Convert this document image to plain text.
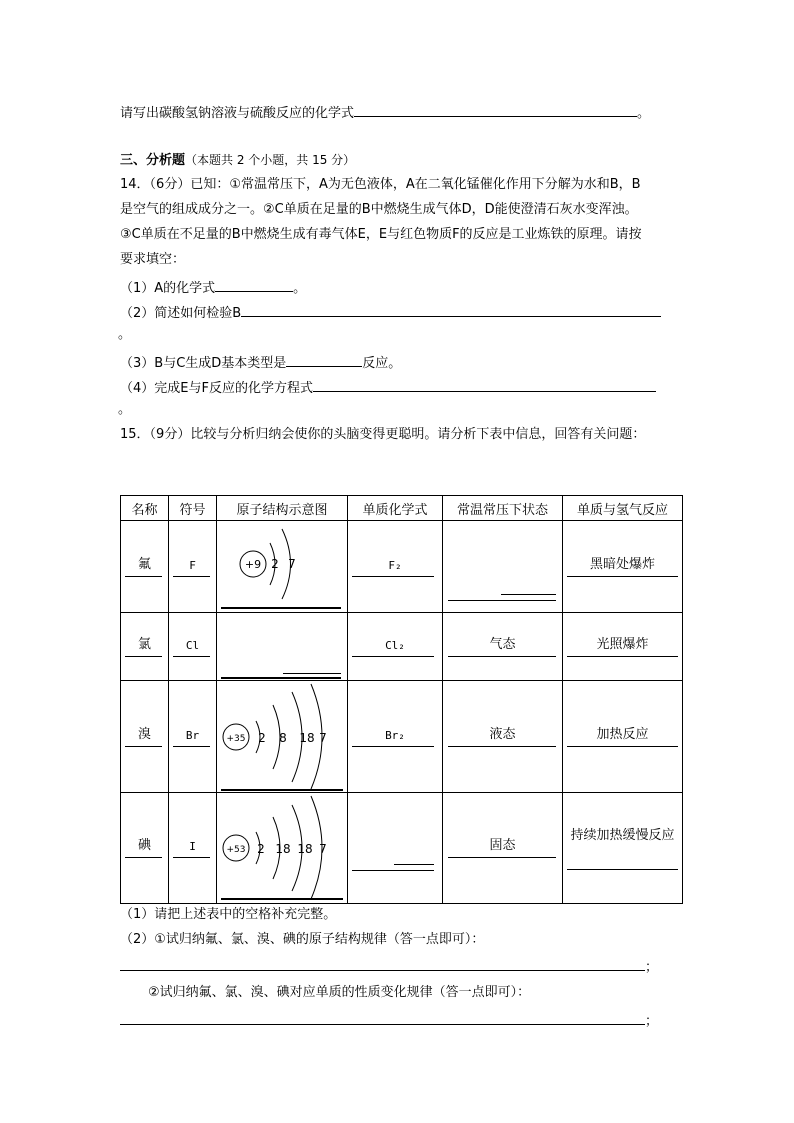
请写出碳酸氢钠溶液与硫酸反应的化学式	。
三、分析题（本题共 2 个小题，共 15 分）
14．（6分）已知：①常温常压下，A为无色液体，A在二氧化锰催化作用下分解为水和B，B
是空气的组成成分之一。②C单质在足量的B中燃烧生成气体D，D能使澄清石灰水变浑浊。
③C单质在不足量的B中燃烧生成有毒气体E，E与红色物质F的反应是工业炼铁的原理。请按
要求填空：
（1）A的化学式	。
（2）简述如何检验B
。
（3）B与C生成D基本类型是	反应。
（4）完成E与F反应的化学方程式
。
15．（9分）比较与分析归纳会使你的头脑变得更聪明。请分析下表中信息，回答有关问题：
名称	符号	原子结构示意图	单质化学式	常温常压下状态	单质与氢气反应

氟	F	+9 2 7	F₂		黑暗处爆炸

氯	Cl		Cl₂	气态	光照爆炸

溴	Br	+35 2 8 18 7	Br₂	液态	加热反应

碘	I	+53 2 18 18 7		固态	持续加热缓慢反应
（1）请把上述表中的空格补充完整。
（2）①试归纳氟、氯、溴、碘的原子结构规律（答一点即可）：
；
②试归纳氟、氯、溴、碘对应单质的性质变化规律（答一点即可）：
；
